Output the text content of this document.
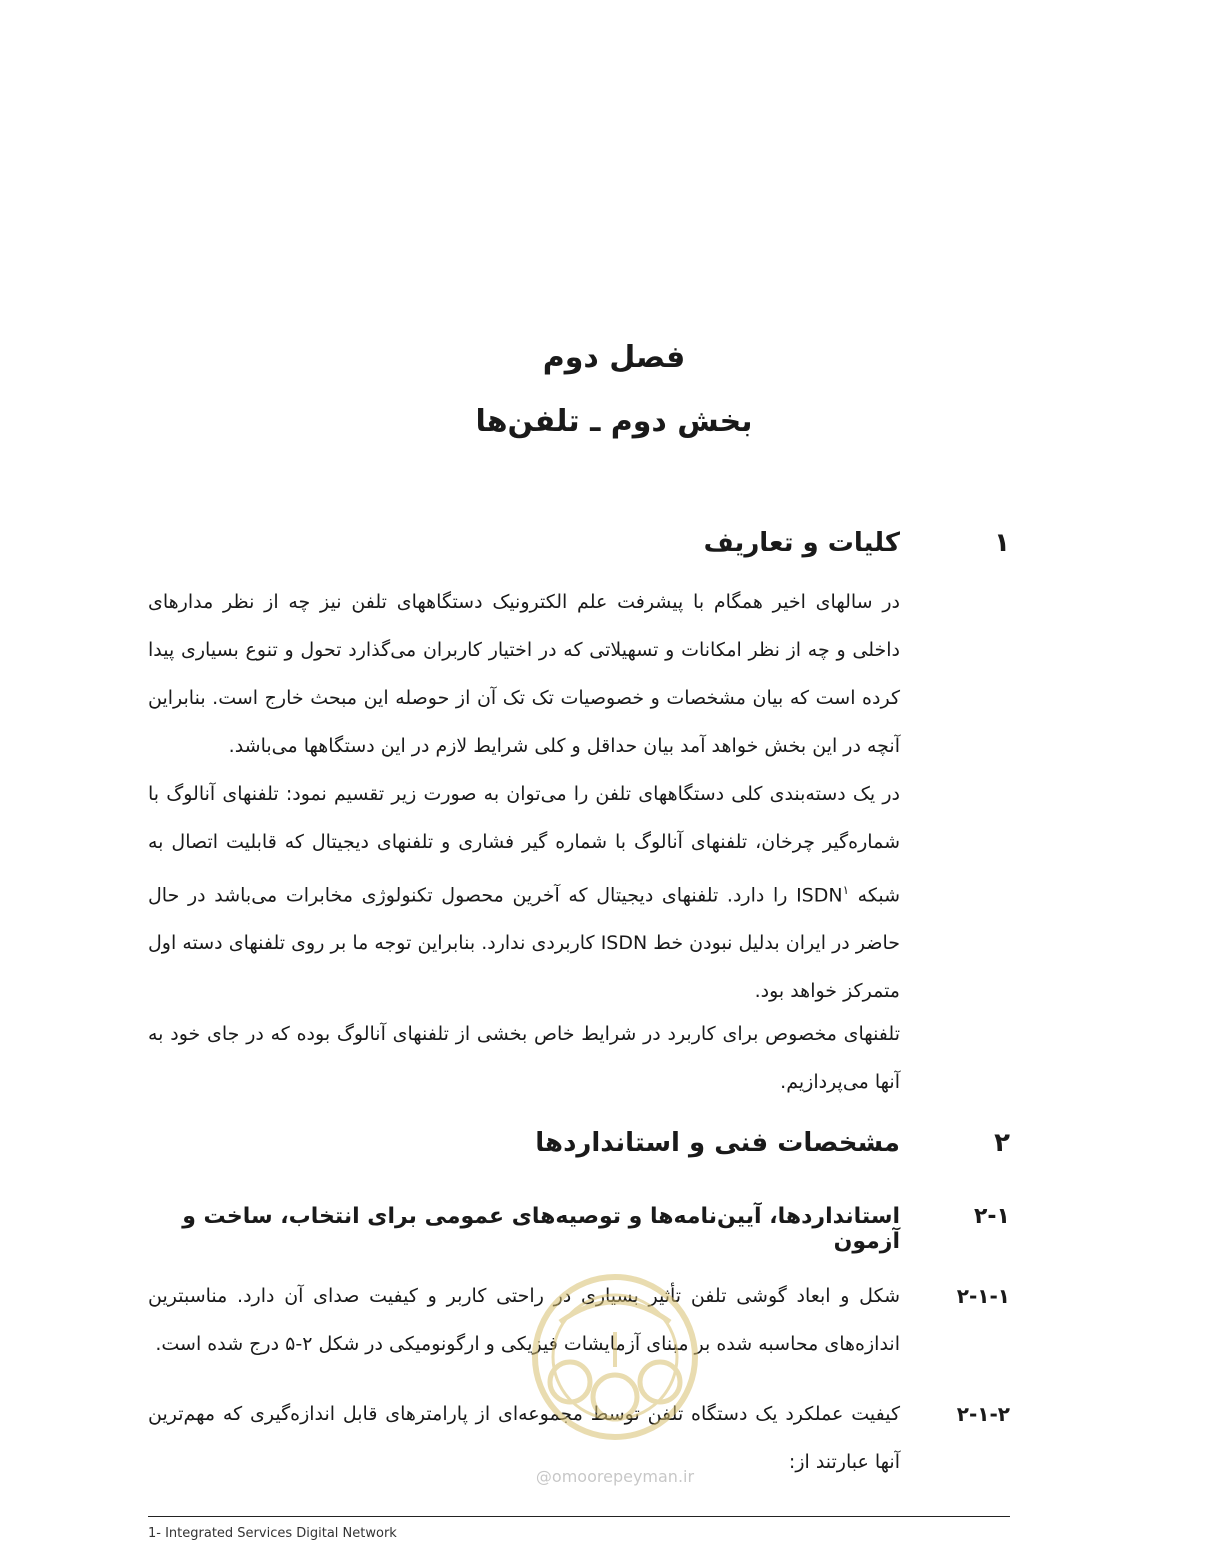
فصل دوم
بخش دوم ـ تلفن‌ها
۱
کلیات و تعاریف
در سالهای اخیر همگام با پیشرفت علم الکترونیک دستگاههای تلفن نیز چه از نظر مدارهای داخلی و چه از نظر امکانات و تسهیلاتی که در اختیار کاربران می‌گذارد تحول و تنوع بسیاری پیدا کرده است که بیان مشخصات و خصوصیات تک تک آن از حوصله این مبحث خارج است. بنابراین آنچه در این بخش خواهد آمد بیان حداقل و کلی شرایط لازم در این دستگاهها می‌باشد.
در یک دسته‌بندی کلی دستگاههای تلفن را می‌توان به صورت زیر تقسیم نمود: تلفنهای آنالوگ با شماره‌گیر چرخان، تلفنهای آنالوگ با شماره گیر فشاری و تلفنهای دیجیتال که قابلیت اتصال به شبکه ISDN$^۱$ را دارد. تلفنهای دیجیتال که آخرین محصول تکنولوژی مخابرات می‌باشد در حال حاضر در ایران بدلیل نبودن خط ISDN کاربردی ندارد. بنابراین توجه ما بر روی تلفنهای دسته اول متمرکز خواهد بود.
تلفنهای مخصوص برای کاربرد در شرایط خاص بخشی از تلفنهای آنالوگ بوده که در جای خود به آنها می‌پردازیم.
۲
مشخصات فنی و استانداردها
۲-۱
استانداردها، آیین‌نامه‌ها و توصیه‌های عمومی برای انتخاب، ساخت و آزمون
۲-۱-۱
شکل و ابعاد گوشی تلفن تأثیر بسیاری در راحتی کاربر و کیفیت صدای آن دارد. مناسبترین اندازه‌های محاسبه شده بر مبنای آزمایشات فیزیکی و ارگونومیکی در شکل ۲-۵ درج شده است.
۲-۱-۲
کیفیت عملکرد یک دستگاه تلفن توسط مجموعه‌ای از پارامترهای قابل اندازه‌گیری که مهم‌ترین آنها عبارتند از:
@omoorepeyman.ir
1- Integrated Services Digital Network
